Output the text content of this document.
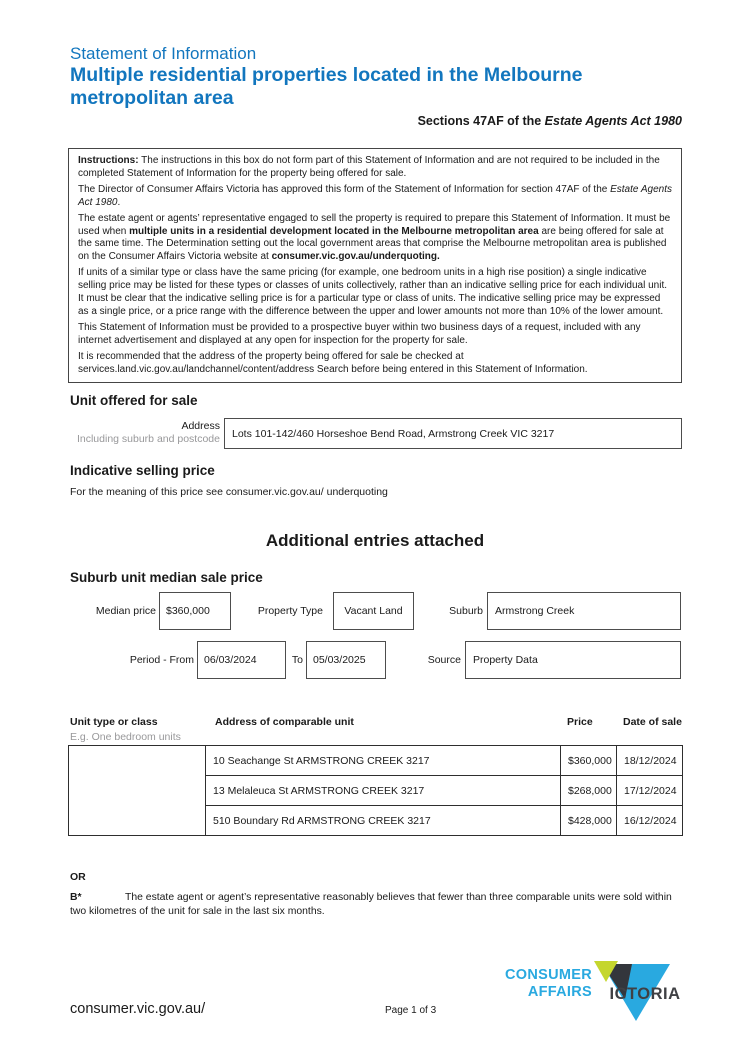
Statement of Information
Multiple residential properties located in the Melbourne metropolitan area
Sections 47AF of the Estate Agents Act 1980

Instructions: The instructions in this box do not form part of this Statement of Information and are not required to be included in the completed Statement of Information for the property being offered for sale.

The Director of Consumer Affairs Victoria has approved this form of the Statement of Information for section 47AF of the Estate Agents Act 1980.

The estate agent or agents’ representative engaged to sell the property is required to prepare this Statement of Information. It must be used when multiple units in a residential development located in the Melbourne metropolitan area are being offered for sale at the same time. The Determination setting out the local government areas that comprise the Melbourne metropolitan area is published on the Consumer Affairs Victoria website at consumer.vic.gov.au/underquoting.

If units of a similar type or class have the same pricing (for example, one bedroom units in a high rise position) a single indicative selling price may be listed for these types or classes of units collectively, rather than an indicative selling price for each individual unit. It must be clear that the indicative selling price is for a particular type or class of units. The indicative selling price may be expressed as a single price, or a price range with the difference between the upper and lower amounts not more than 10% of the lower amount.

This Statement of Information must be provided to a prospective buyer within two business days of a request, included with any internet advertisement and displayed at any open for inspection for the property for sale.

It is recommended that the address of the property being offered for sale be checked at services.land.vic.gov.au/landchannel/content/address Search before being entered in this Statement of Information.

Unit offered for sale
Address
Including suburb and postcode	Lots 101-142/460 Horseshoe Bend Road, Armstrong Creek VIC 3217
Indicative selling price
For the meaning of this price see consumer.vic.gov.au/ underquoting
Additional entries attached
Suburb unit median sale price
Median price $360,000	Property Type	Vacant Land	Suburb	Armstrong Creek
Period - From 06/03/2024	To 05/03/2025	Source	Property Data
Unit type or class
E.g. One bedroom units
Address of comparable unit	Price	Date of sale
	10 Seachange St ARMSTRONG CREEK 3217	$360,000	18/12/2024
	13 Melaleuca St ARMSTRONG CREEK 3217	$268,000	17/12/2024
	510 Boundary Rd ARMSTRONG CREEK 3217	$428,000	16/12/2024
OR

B*	The estate agent or agent’s representative reasonably believes that fewer than three comparable units were sold within two kilometres of the unit for sale in the last six months.

CONSUMER
AFFAIRS VICTORIA
consumer.vic.gov.au/	Page 1 of 3
